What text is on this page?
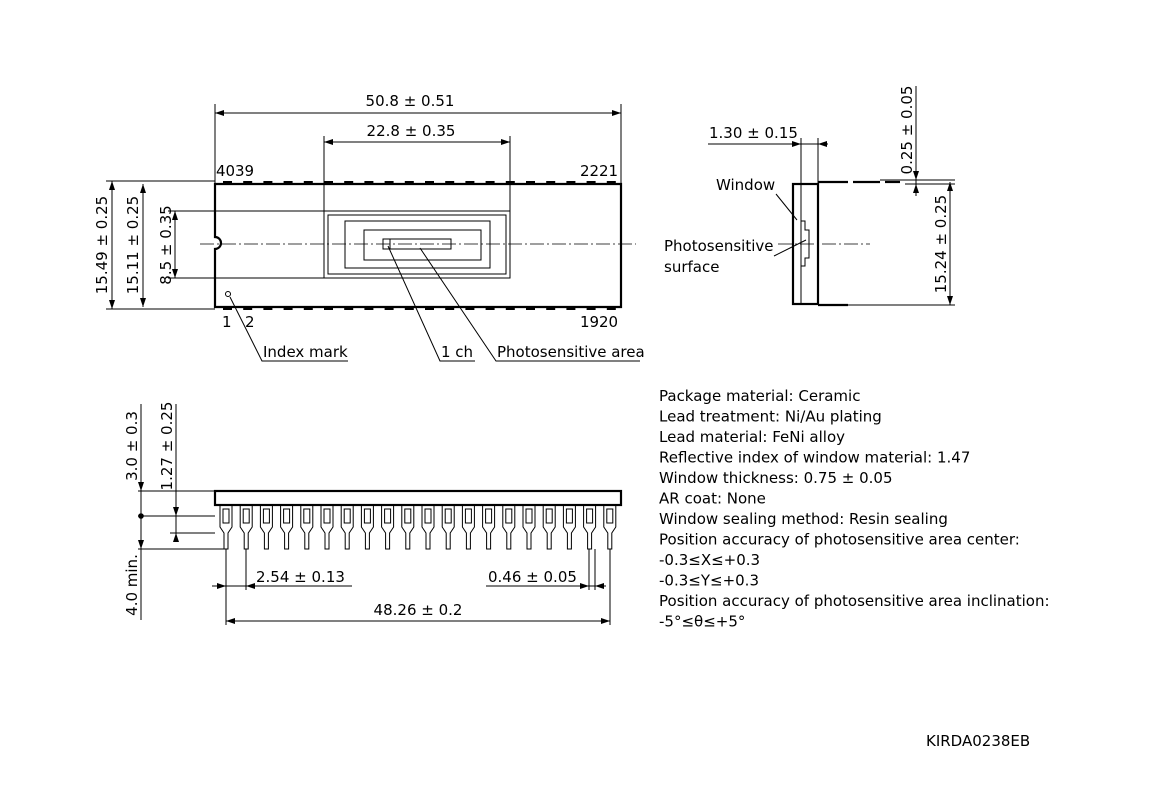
50.8 ± 0.51
22.8 ± 0.35
15.49 ± 0.25 15.11 ± 0.25 8.5 ± 0.35
40 39	22 21
1 2	19 20
Index mark	1 ch Photosensitive area
1.30 ± 0.15	0.25 ± 0.05
15.24 ± 0.25
Window
Photosensitive
surface
3.0 ± 0.3 1.27 ± 0.25
4.0 min.	2.54 ± 0.13	0.46 ± 0.05
48.26 ± 0.2
Package material: Ceramic
Lead treatment: Ni/Au plating
Lead material: FeNi alloy
Reflective index of window material: 1.47
Window thickness: 0.75 ± 0.05
AR coat: None
Window sealing method: Resin sealing
Position accuracy of photosensitive area center:
-0.3≤X≤+0.3
-0.3≤Y≤+0.3
Position accuracy of photosensitive area inclination:
-5°≤θ≤+5°
KIRDA0238EB
